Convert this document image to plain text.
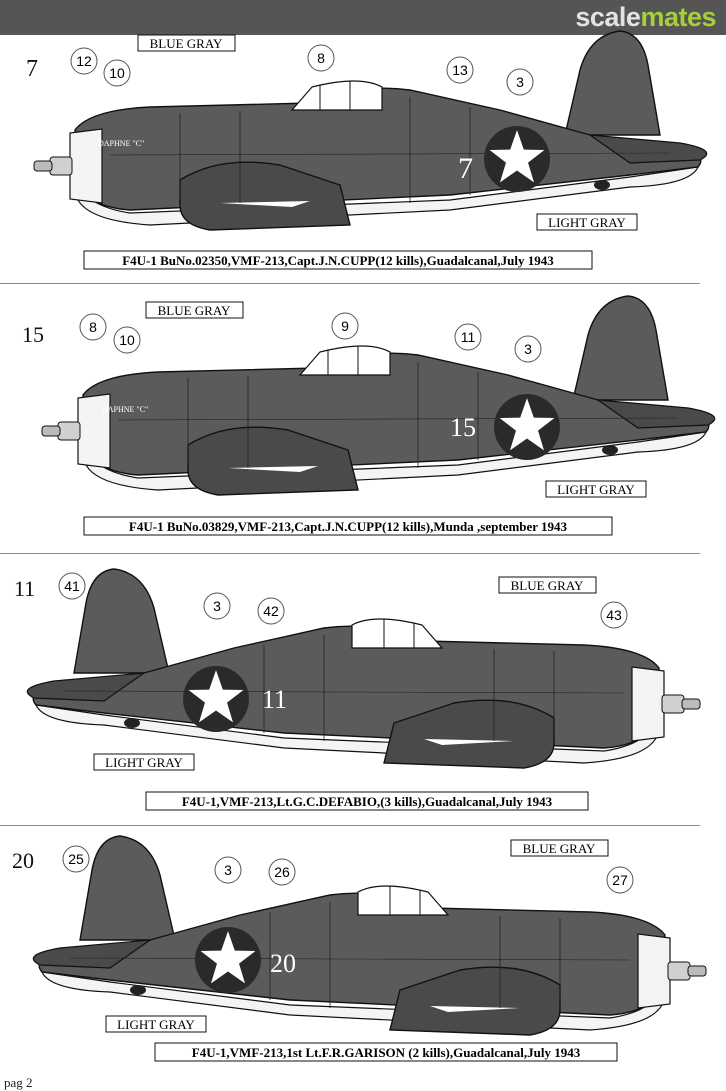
scalemates
pag 2
7
DAPHNE "C"
7	12
10
8
13
3
BLUE GRAY
LIGHT GRAY
F4U-1 BuNo.02350,VMF-213,Capt.J.N.CUPP(12 kills),Guadalcanal,July 1943
15
DAPHNE "C"
15	8
10
9
11
3
BLUE GRAY
LIGHT GRAY
F4U-1 BuNo.03829,VMF-213,Capt.J.N.CUPP(12 kills),Munda ,september 1943
11
11 41
3	42	43
BLUE GRAY
LIGHT GRAY
F4U-1,VMF-213,Lt.G.C.DEFABIO,(3 kills),Guadalcanal,July 1943
20
20 25
3	26	27
BLUE GRAY
LIGHT GRAY
F4U-1,VMF-213,1st Lt.F.R.GARISON (2 kills),Guadalcanal,July 1943
